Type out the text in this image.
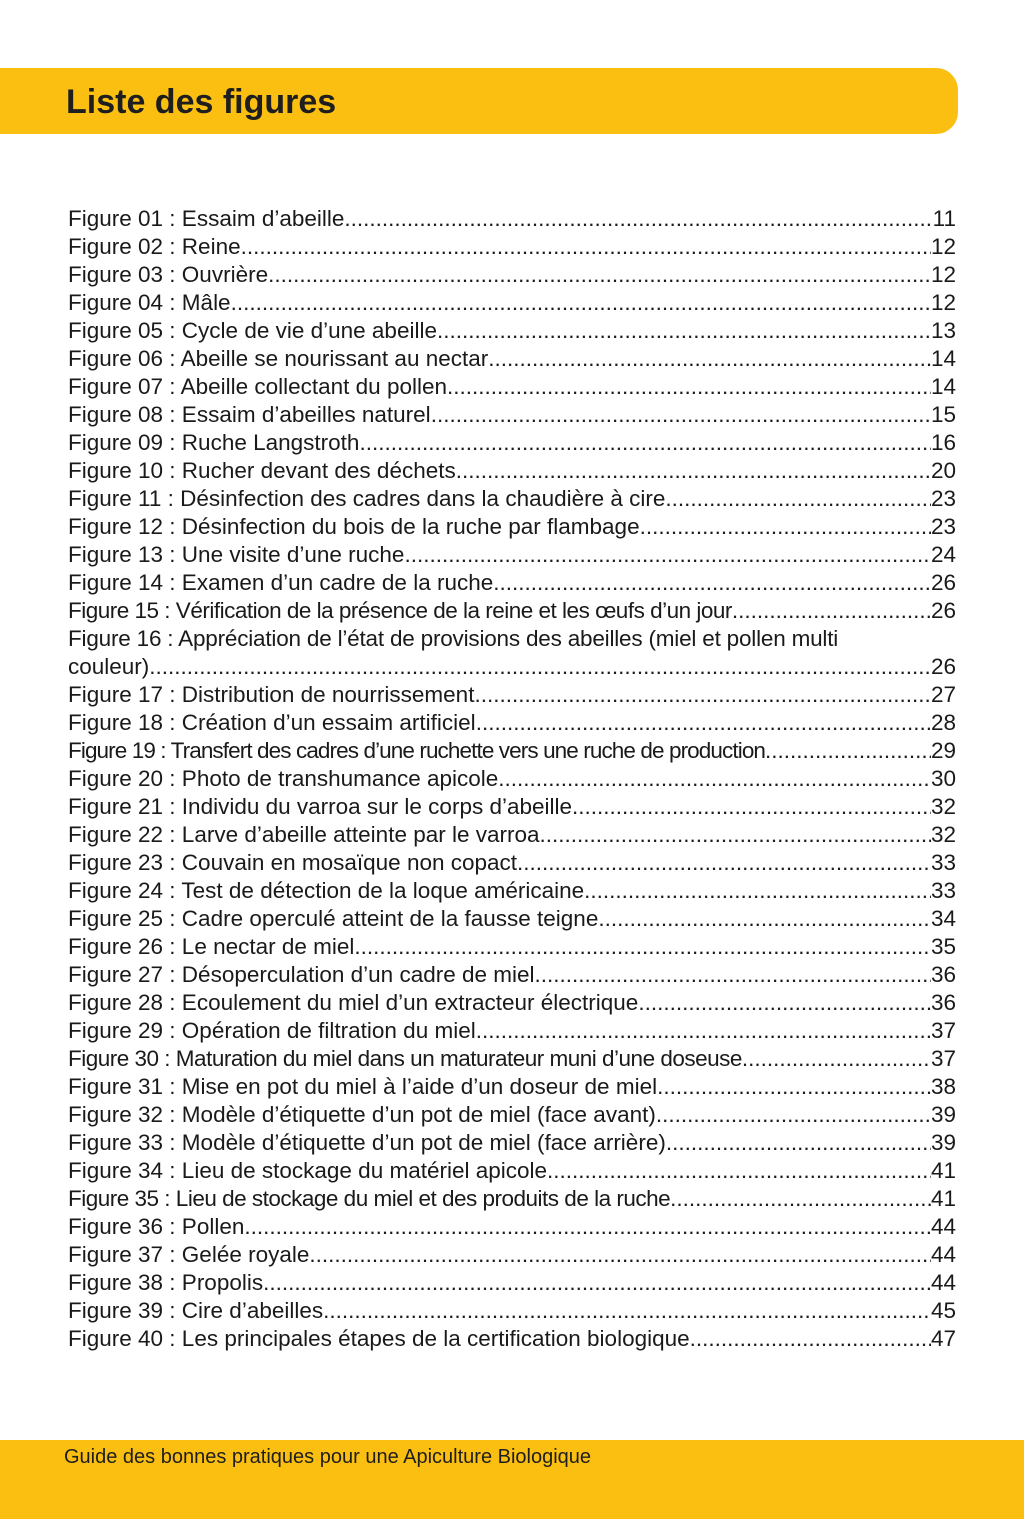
Liste des figures
Figure 01 : Essaim d’abeille .....	11
Figure 02 : Reine .....	12
Figure 03 : Ouvrière .....	12
Figure 04 : Mâle .....	12
Figure 05 : Cycle de vie d’une abeille .....	13
Figure 06 : Abeille se nourissant au nectar .....	14
Figure 07 : Abeille collectant du pollen .....	14
Figure 08 : Essaim d’abeilles naturel .....	15
Figure 09 : Ruche Langstroth .....	16
Figure 10 : Rucher devant des déchets .....	20
Figure 11 : Désinfection des cadres dans la chaudière à cire .....	23
Figure 12 : Désinfection du bois de la ruche par flambage .....	23
Figure 13 : Une visite d’une ruche .....	24
Figure 14 : Examen d’un cadre de la ruche .....	26
Figure 15 : Vérification de la présence de la reine et les œufs d’un jour .....	26
Figure 16 : Appréciation de l’état de provisions des abeilles (miel et pollen multi
couleur) .....	26
Figure 17 : Distribution de nourrissement .....	27
Figure 18 : Création d’un essaim artificiel .....	28
Figure 19 : Transfert des cadres d’une ruchette vers une ruche de production .....	29
Figure 20 : Photo de transhumance apicole .....	30
Figure 21 : Individu du varroa sur le corps d’abeille .....	32
Figure 22 : Larve d’abeille atteinte par le varroa .....	32
Figure 23 : Couvain en mosaïque non copact .....	33
Figure 24 : Test de détection de la loque américaine .....	33
Figure 25 : Cadre operculé atteint de la fausse teigne .....	34
Figure 26 : Le nectar de miel .....	35
Figure 27 : Désoperculation d’un cadre de miel .....	36
Figure 28 : Ecoulement du miel d’un extracteur électrique .....	36
Figure 29 : Opération de filtration du miel .....	37
Figure 30 : Maturation du miel dans un maturateur muni d’une doseuse .....	37
Figure 31 : Mise en pot du miel à l’aide d’un doseur de miel .....	38
Figure 32 : Modèle d’étiquette d’un pot de miel (face avant) .....	39
Figure 33 : Modèle d’étiquette d’un pot de miel (face arrière) .....	39
Figure 34 : Lieu de stockage du matériel apicole .....	41
Figure 35 : Lieu de stockage du miel et des produits de la ruche .....	41
Figure 36 : Pollen .....	44
Figure 37 : Gelée royale .....	44
Figure 38 : Propolis .....	44
Figure 39 : Cire d’abeilles .....	45
Figure 40 : Les principales étapes de la certification biologique .....	47
Guide des bonnes pratiques pour une Apiculture Biologique
